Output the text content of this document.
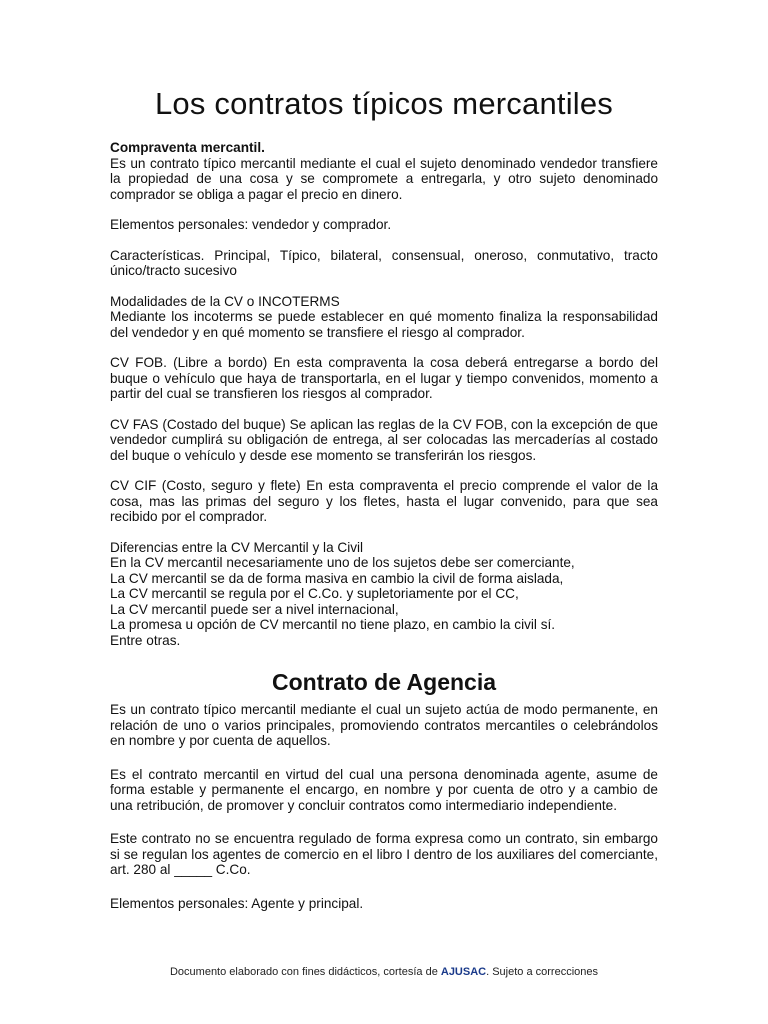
Los contratos típicos mercantiles

Compraventa mercantil.

Es un contrato típico mercantil mediante el cual el sujeto denominado vendedor transfiere la propiedad de una cosa y se compromete a entregarla, y otro sujeto denominado comprador se obliga a pagar el precio en dinero.

Elementos personales: vendedor y comprador.

Características. Principal, Típico, bilateral, consensual, oneroso, conmutativo, tracto único/tracto sucesivo

Modalidades de la CV o INCOTERMS

Mediante los incoterms se puede establecer en qué momento finaliza la responsabilidad del vendedor y en qué momento se transfiere el riesgo al comprador.

CV FOB. (Libre a bordo) En esta compraventa la cosa deberá entregarse a bordo del buque o vehículo que haya de transportarla, en el lugar y tiempo convenidos, momento a partir del cual se transfieren los riesgos al comprador.

CV FAS (Costado del buque) Se aplican las reglas de la CV FOB, con la excepción de que vendedor cumplirá su obligación de entrega, al ser colocadas las mercaderías al costado del buque o vehículo y desde ese momento se transferirán los riesgos.

CV CIF (Costo, seguro y flete) En esta compraventa el precio comprende el valor de la cosa, mas las primas del seguro y los fletes, hasta el lugar convenido, para que sea recibido por el comprador.

Diferencias entre la CV Mercantil y la Civil

En la CV mercantil necesariamente uno de los sujetos debe ser comerciante,

La CV mercantil se da de forma masiva en cambio la civil de forma aislada,

La CV mercantil se regula por el C.Co. y supletoriamente por el CC,

La CV mercantil puede ser a nivel internacional,

La promesa u opción de CV mercantil no tiene plazo, en cambio la civil sí.

Entre otras.

Contrato de Agencia

Es un contrato típico mercantil mediante el cual un sujeto actúa de modo permanente, en relación de uno o varios principales, promoviendo contratos mercantiles o celebrándolos en nombre y por cuenta de aquellos.

Es el contrato mercantil en virtud del cual una persona denominada agente, asume de forma estable y permanente el encargo, en nombre y por cuenta de otro y a cambio de una retribución, de promover y concluir contratos como intermediario independiente.

Este contrato no se encuentra regulado de forma expresa como un contrato, sin embargo si se regulan los agentes de comercio en el libro I dentro de los auxiliares del comerciante, art. 280 al _____ C.Co.

Elementos personales: Agente y principal.

Documento elaborado con fines didácticos, cortesía de AJUSAC. Sujeto a correcciones
